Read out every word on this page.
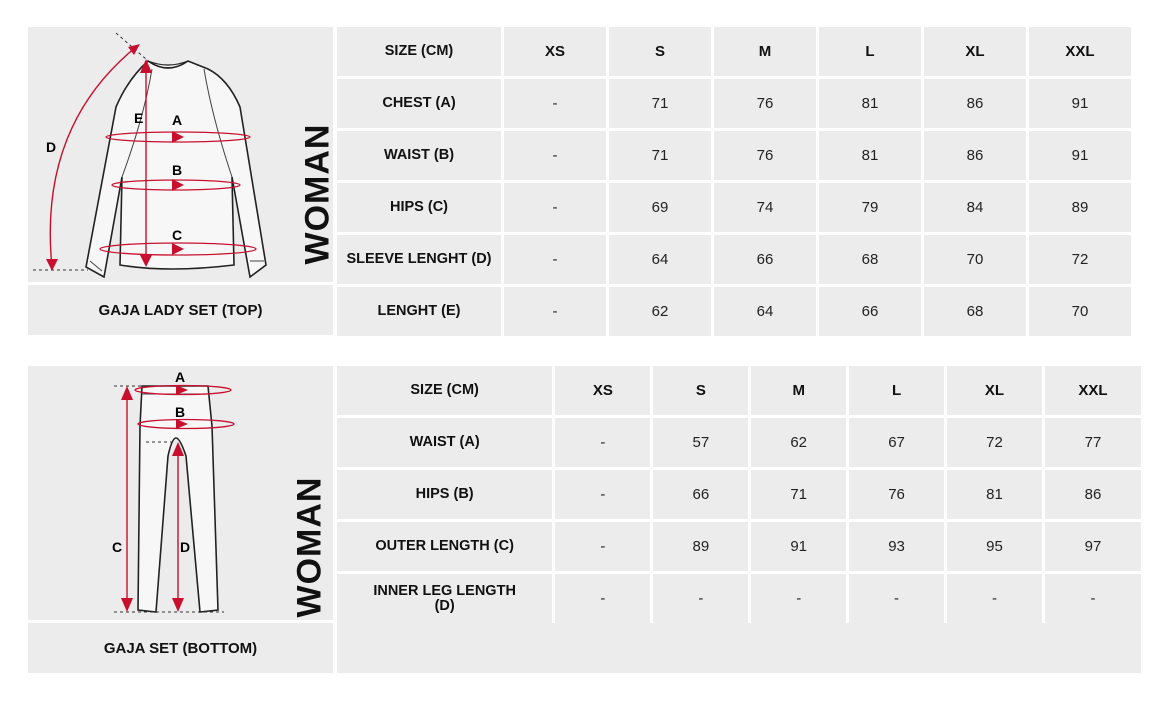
D
E A
B
C	WOMAN
GAJA LADY SET (TOP)
SIZE (CM)	XS	S	M	L	XL	XXL
CHEST (A)	-	71	76	81	86	91
WAIST (B)	-	71	76	81	86	91
HIPS (C)	-	69	74	79	84	89
SLEEVE LENGHT (D)	-	64	66	68	70	72
LENGHT (E)	-	62	64	66	68	70
A
B
C	D	WOMAN
GAJA SET (BOTTOM)
SIZE (CM)	XS	S	M	L	XL	XXL
WAIST (A)	-	57	62	67	72	77
HIPS (B)	-	66	71	76	81	86
OUTER LENGTH (C)	-	89	91	93	95	97
INNER LEG LENGTH (D)	-	-	-	-	-	-
